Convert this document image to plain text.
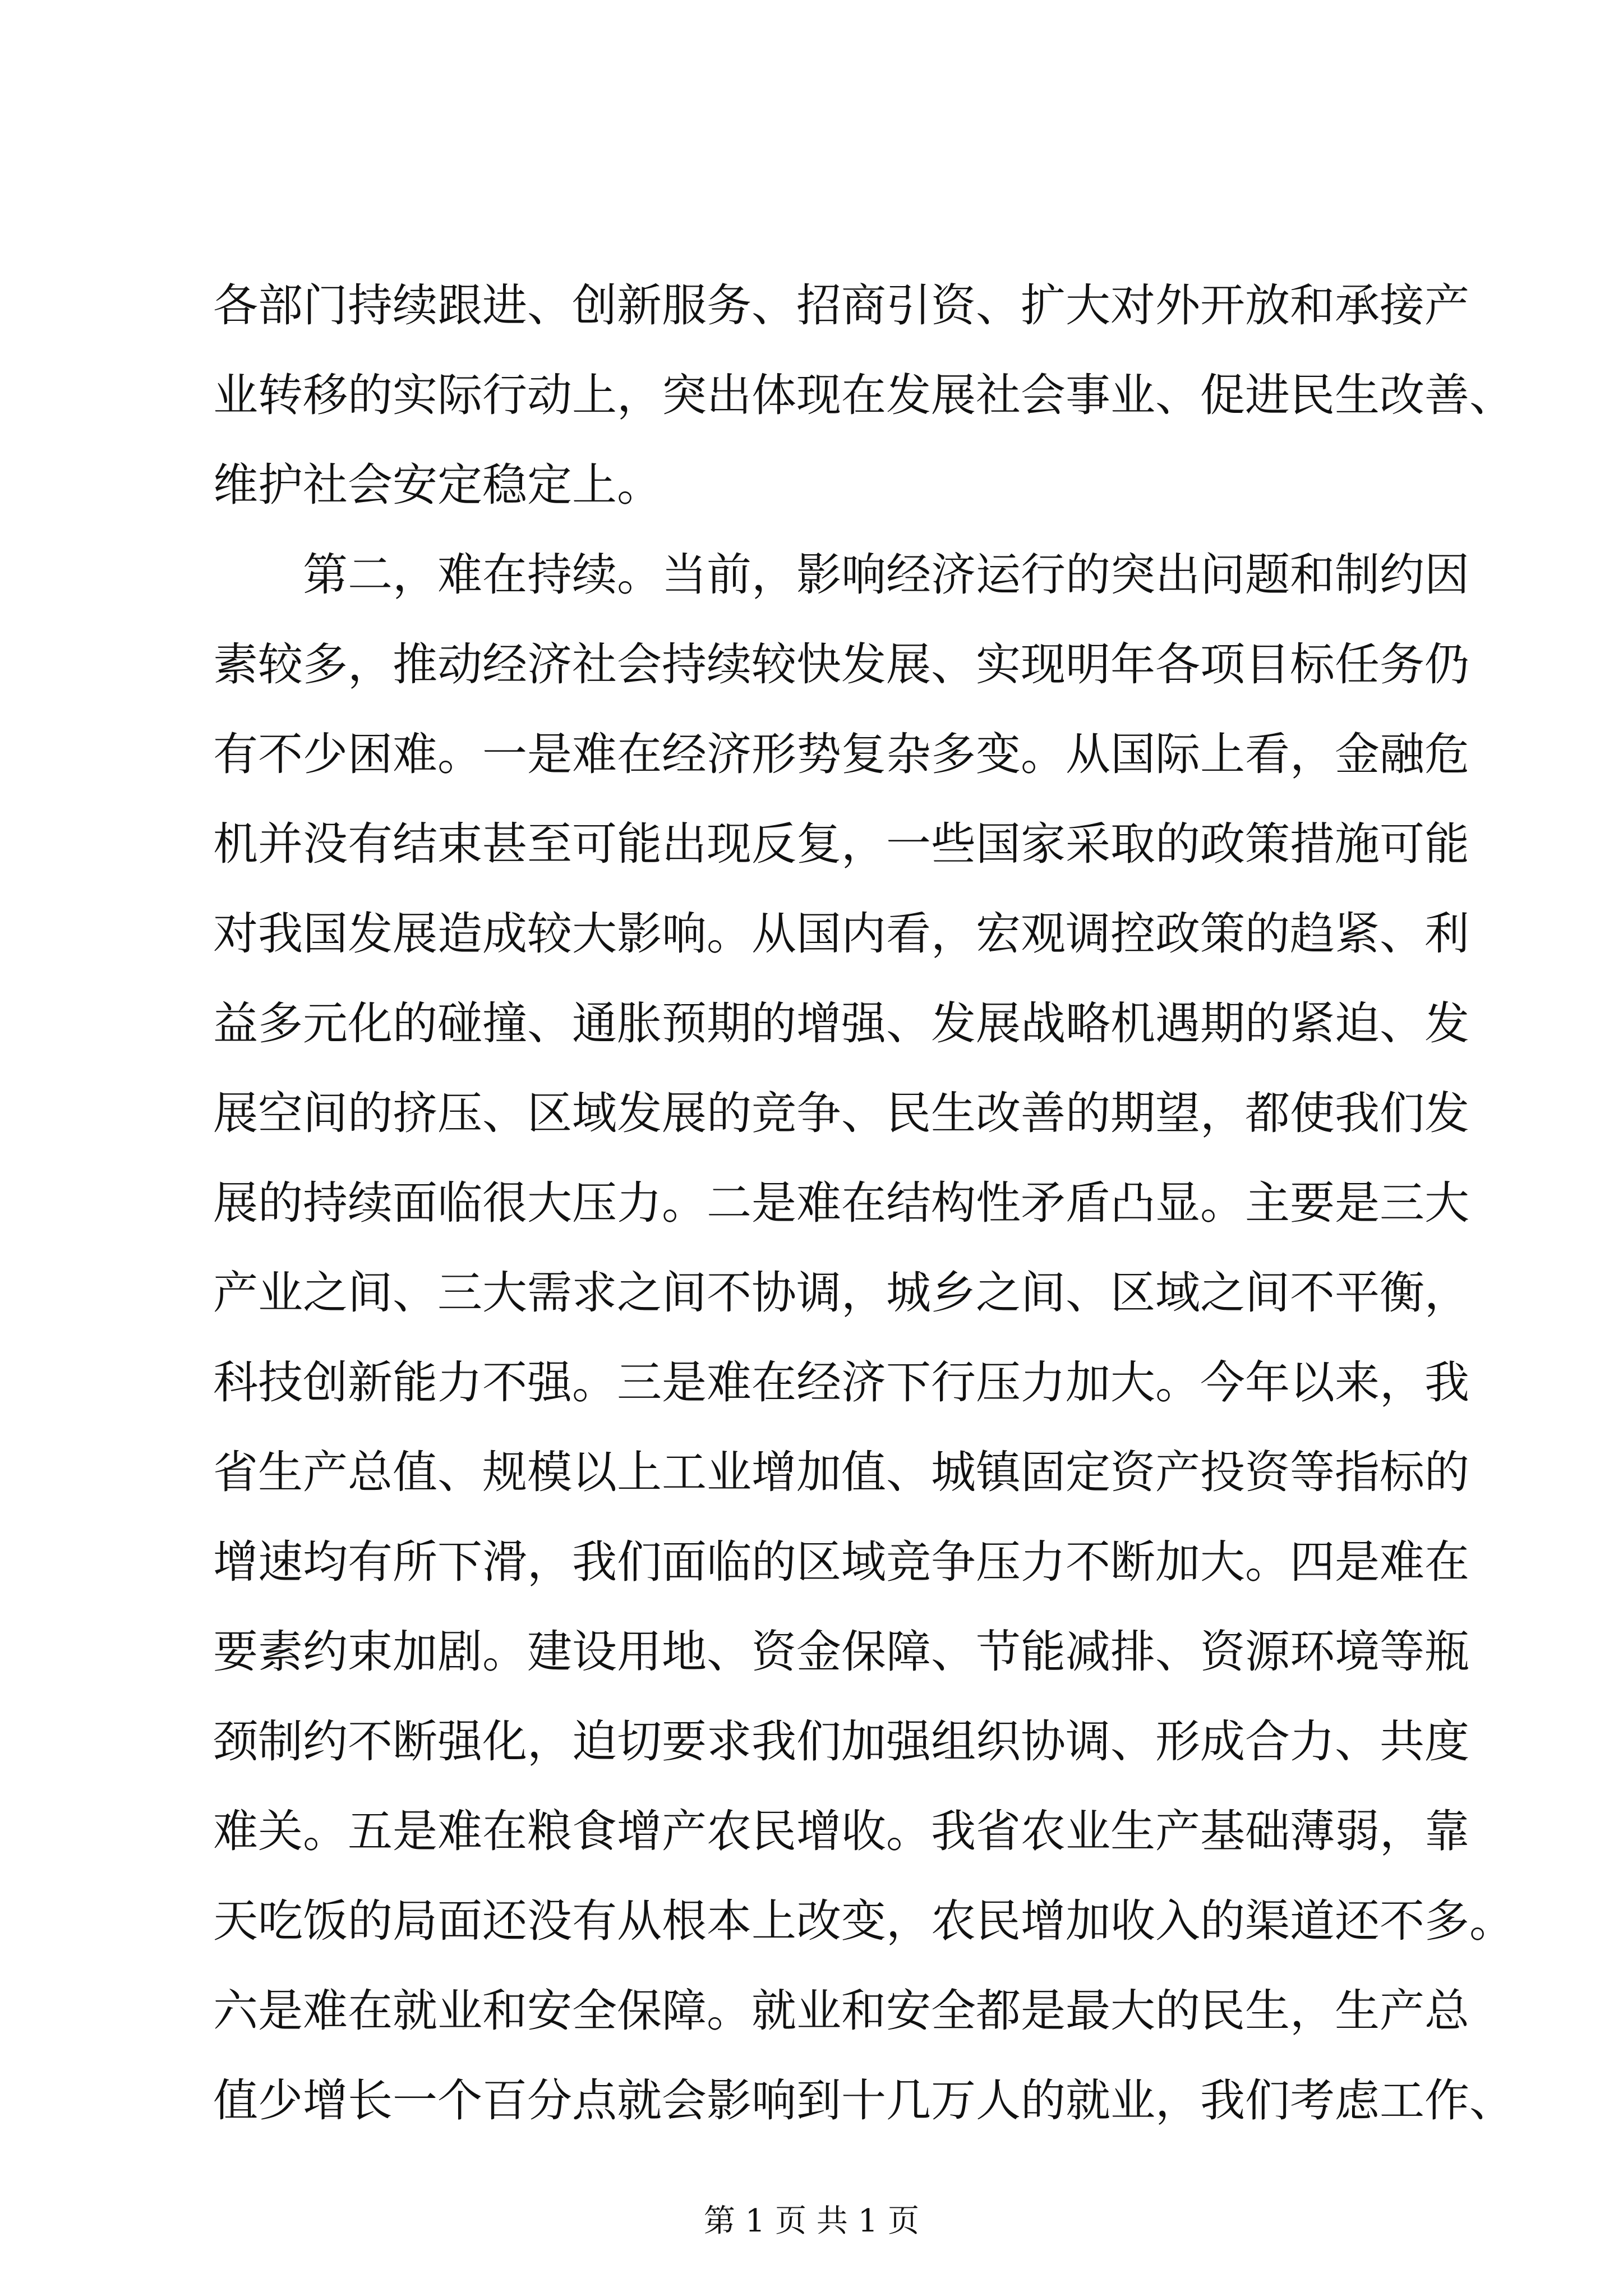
各部门持续跟进、创新服务、招商引资、扩大对外开放和承接产
业转移的实际行动上，突出体现在发展社会事业、促进民生改善、
维护社会安定稳定上。
第二，难在持续。当前，影响经济运行的突出问题和制约因
素较多，推动经济社会持续较快发展、实现明年各项目标任务仍
有不少困难。一是难在经济形势复杂多变。从国际上看，金融危
机并没有结束甚至可能出现反复，一些国家采取的政策措施可能
对我国发展造成较大影响。从国内看，宏观调控政策的趋紧、利
益多元化的碰撞、通胀预期的增强、发展战略机遇期的紧迫、发
展空间的挤压、区域发展的竞争、民生改善的期望，都使我们发
展的持续面临很大压力。二是难在结构性矛盾凸显。主要是三大
产业之间、三大需求之间不协调，城乡之间、区域之间不平衡，
科技创新能力不强。三是难在经济下行压力加大。今年以来，我
省生产总值、规模以上工业增加值、城镇固定资产投资等指标的
增速均有所下滑，我们面临的区域竞争压力不断加大。四是难在
要素约束加剧。建设用地、资金保障、节能减排、资源环境等瓶
颈制约不断强化，迫切要求我们加强组织协调、形成合力、共度
难关。五是难在粮食增产农民增收。我省农业生产基础薄弱，靠
天吃饭的局面还没有从根本上改变，农民增加收入的渠道还不多。
六是难在就业和安全保障。就业和安全都是最大的民生，生产总
值少增长一个百分点就会影响到十几万人的就业，我们考虑工作、
第 1 页 共 1 页
